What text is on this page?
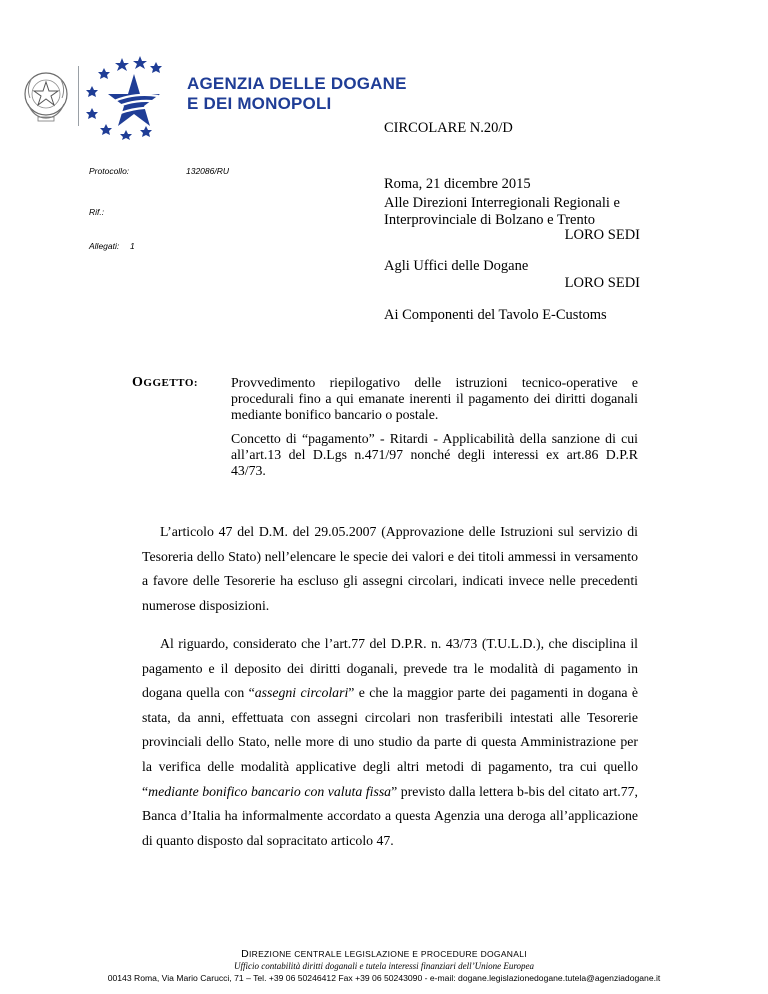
AGENZIA DELLE DOGANE
E DEI MONOPOLI
CIRCOLARE N.20/D
Roma, 21 dicembre 2015
Protocollo:	132086/RU
Rif.:
Allegati: 1
Alle Direzioni Interregionali Regionali e
Interprovinciale di Bolzano e Trento
LORO SEDI
Agli Uffici delle Dogane
LORO SEDI
Ai Componenti del Tavolo E-Customs
OGGETTO: Provvedimento riepilogativo delle istruzioni tecnico-operative e procedurali fino a qui emanate inerenti il pagamento dei diritti doganali mediante bonifico bancario o postale.
Concetto di “pagamento” - Ritardi - Applicabilità della sanzione di cui all’art.13 del D.Lgs n.471/97 nonché degli interessi ex art.86 D.P.R 43/73.

L’articolo 47 del D.M. del 29.05.2007 (Approvazione delle Istruzioni sul servizio di Tesoreria dello Stato) nell’elencare le specie dei valori e dei titoli ammessi in versamento a favore delle Tesorerie ha escluso gli assegni circolari, indicati invece nelle precedenti numerose disposizioni.

Al riguardo, considerato che l’art.77 del D.P.R. n. 43/73 (T.U.L.D.), che disciplina il pagamento e il deposito dei diritti doganali, prevede tra le modalità di pagamento in dogana quella con “assegni circolari” e che la maggior parte dei pagamenti in dogana è stata, da anni, effettuata con assegni circolari non trasferibili intestati alle Tesorerie provinciali dello Stato, nelle more di uno studio da parte di questa Amministrazione per la verifica delle modalità applicative degli altri metodi di pagamento, tra cui quello “mediante bonifico bancario con valuta fissa” previsto dalla lettera b-bis del citato art.77, Banca d’Italia ha informalmente accordato a questa Agenzia una deroga all’applicazione di quanto disposto dal sopracitato articolo 47.

DIREZIONE CENTRALE LEGISLAZIONE E PROCEDURE DOGANALI
Ufficio contabilità diritti doganali e tutela interessi finanziari dell’Unione Europea
00143 Roma, Via Mario Carucci, 71 – Tel. +39 06 50246412 Fax +39 06 50243090 - e-mail: dogane.legislazionedogane.tutela@agenziadogane.it
